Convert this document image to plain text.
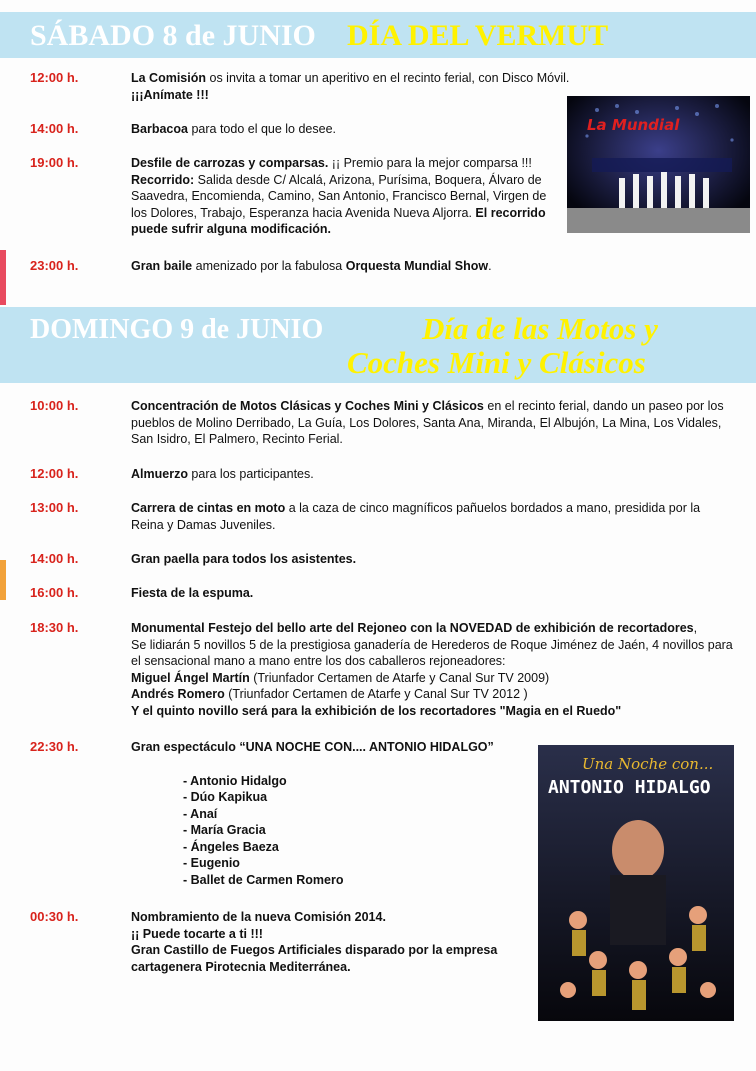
SÁBADO 8 de JUNIO DÍA DEL VERMUT
12:00 h.	La Comisión os invita a tomar un aperitivo en el recinto ferial, con Disco Móvil. ¡¡¡Anímate !!!
14:00 h.	Barbacoa para todo el que lo desee.
19:00 h.	Desfile de carrozas y comparsas. ¡¡ Premio para la mejor comparsa !!! Recorrido: Salida desde C/ Alcalá, Arizona, Purísima, Boquera, Álvaro de Saavedra, Encomienda, Camino, San Antonio, Francisco Bernal, Virgen de los Dolores, Trabajo, Esperanza hacia Avenida Nueva Aljorra. El recorrido puede sufrir alguna modificación.
23:00 h.	Gran baile amenizado por la fabulosa Orquesta Mundial Show.
La Mundial
DOMINGO 9 de JUNIO	Día de las Motos y
Coches Mini y Clásicos
10:00 h.	Concentración de Motos Clásicas y Coches Mini y Clásicos en el recinto ferial, dando un paseo por los pueblos de Molino Derribado, La Guía, Los Dolores, Santa Ana, Miranda, El Albujón, La Mina, Los Vidales, San Isidro, El Palmero, Recinto Ferial.
12:00 h.	Almuerzo para los participantes.
13:00 h.	Carrera de cintas en moto a la caza de cinco magníficos pañuelos bordados a mano, presidida por la Reina y Damas Juveniles.
14:00 h.	Gran paella para todos los asistentes.
16:00 h.	Fiesta de la espuma.
18:30 h.	Monumental Festejo del bello arte del Rejoneo con la NOVEDAD de exhibición de recortadores,
Se lidiarán 5 novillos 5 de la prestigiosa ganadería de Herederos de Roque Jiménez de Jaén, 4 novillos para el sensacional mano a mano entre los dos caballeros rejoneadores:
Miguel Ángel Martín (Triunfador Certamen de Atarfe y Canal Sur TV 2009)
Andrés Romero (Triunfador Certamen de Atarfe y Canal Sur TV 2012 )
Y el quinto novillo será para la exhibición de los recortadores "Magia en el Ruedo"
22:30 h.	Gran espectáculo “UNA NOCHE CON.... ANTONIO HIDALGO”
- Antonio Hidalgo
- Dúo Kapikua
- Anaí
- María Gracia
- Ángeles Baeza
- Eugenio
- Ballet de Carmen Romero
00:30 h.	Nombramiento de la nueva Comisión 2014.
¡¡ Puede tocarte a ti !!!
Gran Castillo de Fuegos Artificiales disparado por la empresa cartagenera Pirotecnia Mediterránea.
Una Noche con...
ANTONIO HIDALGO
